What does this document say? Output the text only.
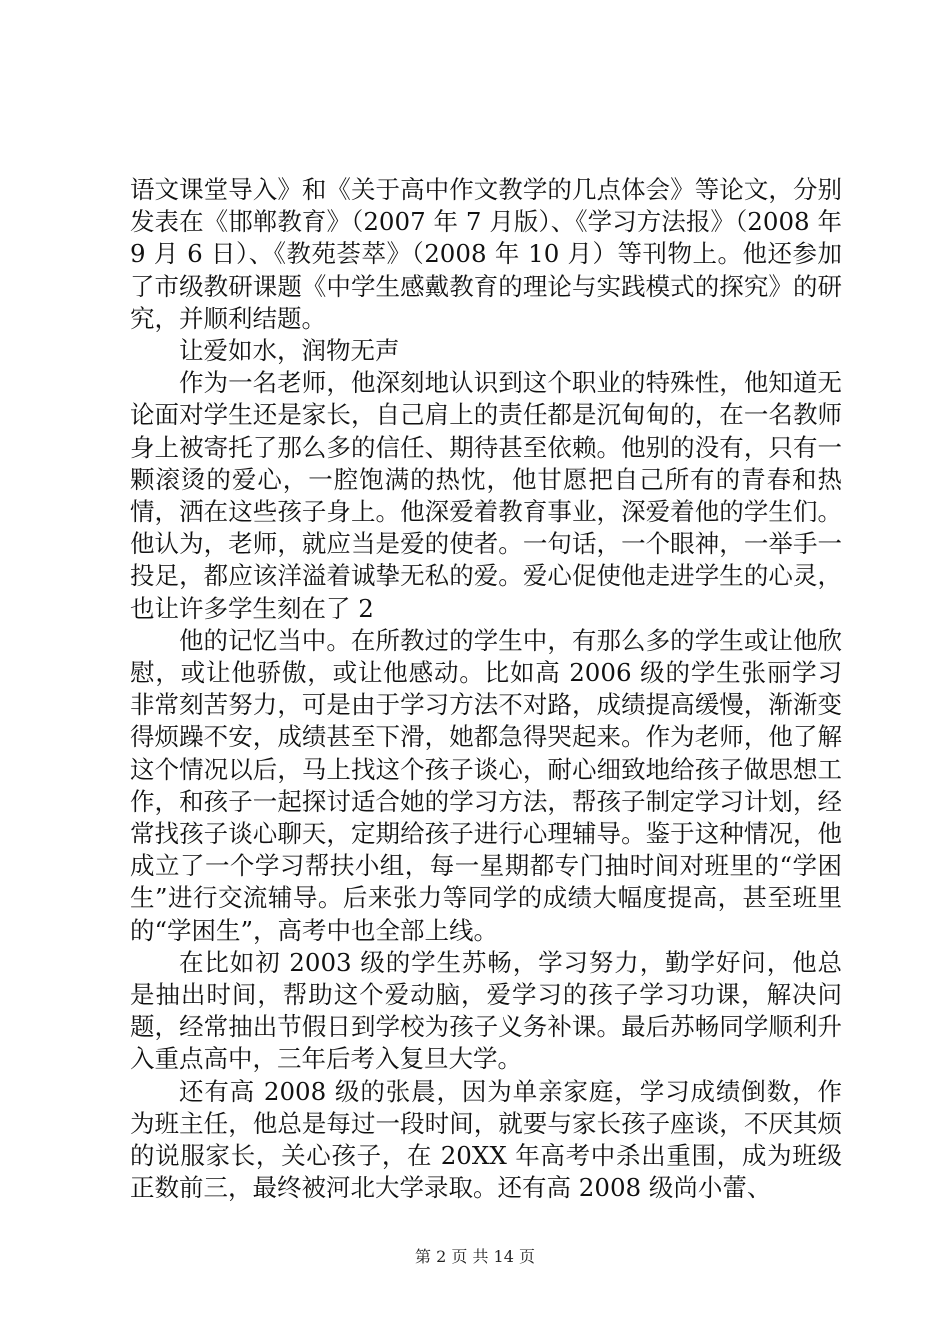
语文课堂导入》和《关于高中作文教学的几点体会》等论文，分别发表在《邯郸教育》（2007 年 7 月版）、《学习方法报》（2008 年 9 月 6 日）、《教苑荟萃》（2008 年 10 月）等刊物上。他还参加了市级教研课题《中学生感戴教育的理论与实践模式的探究》的研究，并顺利结题。

让爱如水，润物无声

作为一名老师，他深刻地认识到这个职业的特殊性，他知道无论面对学生还是家长，自己肩上的责任都是沉甸甸的，在一名教师身上被寄托了那么多的信任、期待甚至依赖。他别的没有，只有一颗滚烫的爱心，一腔饱满的热忱，他甘愿把自己所有的青春和热情，洒在这些孩子身上。他深爱着教育事业，深爱着他的学生们。他认为，老师，就应当是爱的使者。一句话，一个眼神，一举手一投足，都应该洋溢着诚挚无私的爱。爱心促使他走进学生的心灵，也让许多学生刻在了 2

他的记忆当中。在所教过的学生中，有那么多的学生或让他欣慰，或让他骄傲，或让他感动。比如高 2006 级的学生张丽学习非常刻苦努力，可是由于学习方法不对路，成绩提高缓慢，渐渐变得烦躁不安，成绩甚至下滑，她都急得哭起来。作为老师，他了解这个情况以后，马上找这个孩子谈心，耐心细致地给孩子做思想工作，和孩子一起探讨适合她的学习方法，帮孩子制定学习计划，经常找孩子谈心聊天，定期给孩子进行心理辅导。鉴于这种情况，他成立了一个学习帮扶小组，每一星期都专门抽时间对班里的“学困生”进行交流辅导。后来张力等同学的成绩大幅度提高，甚至班里的“学困生”，高考中也全部上线。

在比如初 2003 级的学生苏畅，学习努力，勤学好问，他总是抽出时间，帮助这个爱动脑，爱学习的孩子学习功课，解决问题，经常抽出节假日到学校为孩子义务补课。最后苏畅同学顺利升入重点高中，三年后考入复旦大学。

还有高 2008 级的张晨，因为单亲家庭，学习成绩倒数，作为班主任，他总是每过一段时间，就要与家长孩子座谈，不厌其烦的说服家长，关心孩子，在 20XX 年高考中杀出重围，成为班级正数前三，最终被河北大学录取。还有高 2008 级尚小蕾、

第 2 页 共 14 页
